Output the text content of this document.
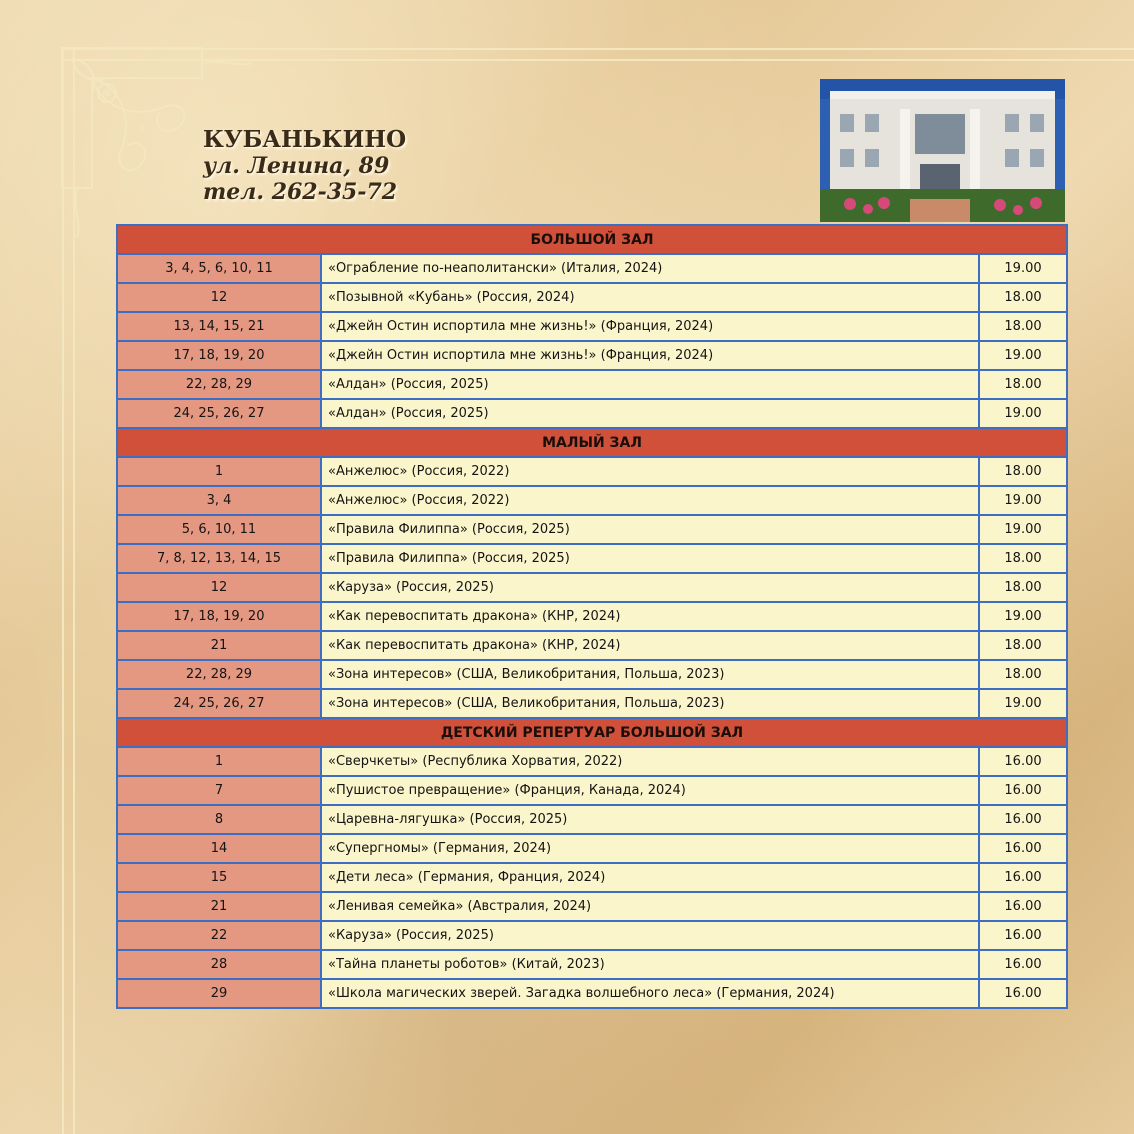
КУБАНЬКИНО
ул. Ленина, 89
тел. 262-35-72
БОЛЬШОЙ ЗАЛ		
3, 4, 5, 6, 10, 11	«Ограбление по-неаполитански» (Италия, 2024)	19.00
12	«Позывной «Кубань» (Россия, 2024)	18.00
13, 14, 15, 21	«Джейн Остин испортила мне жизнь!» (Франция, 2024)	18.00
17, 18, 19, 20	«Джейн Остин испортила мне жизнь!» (Франция, 2024)	19.00
22, 28, 29	«Алдан» (Россия, 2025)	18.00
24, 25, 26, 27	«Алдан» (Россия, 2025)	19.00
МАЛЫЙ ЗАЛ		
1	«Анжелюс» (Россия, 2022)	18.00
3, 4	«Анжелюс» (Россия, 2022)	19.00
5, 6, 10, 11	«Правила Филиппа» (Россия, 2025)	19.00
7, 8, 12, 13, 14, 15	«Правила Филиппа» (Россия, 2025)	18.00
12	«Каруза» (Россия, 2025)	18.00
17, 18, 19, 20	«Как перевоспитать дракона» (КНР, 2024)	19.00
21	«Как перевоспитать дракона» (КНР, 2024)	18.00
22, 28, 29	«Зона интересов» (США, Великобритания, Польша, 2023)	18.00
24, 25, 26, 27	«Зона интересов» (США, Великобритания, Польша, 2023)	19.00
ДЕТСКИЙ РЕПЕРТУАР БОЛЬШОЙ ЗАЛ		
1	«Сверчкеты» (Республика Хорватия, 2022)	16.00
7	«Пушистое превращение» (Франция, Канада, 2024)	16.00
8	«Царевна-лягушка» (Россия, 2025)	16.00
14	«Супергномы» (Германия, 2024)	16.00
15	«Дети леса» (Германия, Франция, 2024)	16.00
21	«Ленивая семейка» (Австралия, 2024)	16.00
22	«Каруза» (Россия, 2025)	16.00
28	«Тайна планеты роботов» (Китай, 2023)	16.00
29	«Школа магических зверей. Загадка волшебного леса» (Германия, 2024)	16.00
